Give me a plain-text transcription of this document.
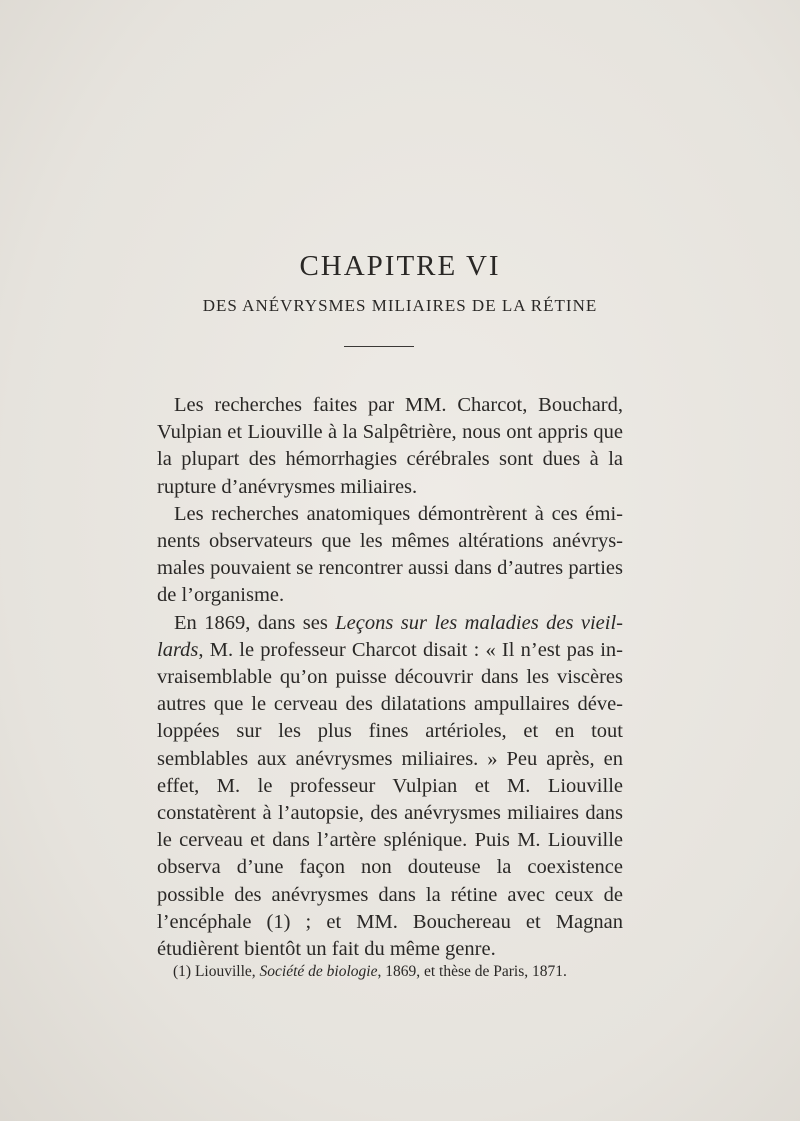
CHAPITRE VI
DES ANÉVRYSMES MILIAIRES DE LA RÉTINE

Les recherches faites par MM. Charcot, Bouchard, Vulpian et Liouville à la Salpêtrière, nous ont appris que la plupart des hémorrhagies cérébrales sont dues à la rupture d’anévrysmes miliaires.

Les recherches anatomiques démontrèrent à ces éminents observateurs que les mêmes altérations anévrysmales pouvaient se rencontrer aussi dans d’autres parties de l’organisme.

En 1869, dans ses Leçons sur les maladies des vieillards, M. le professeur Charcot disait : « Il n’est pas invraisemblable qu’on puisse découvrir dans les viscères autres que le cerveau des dilatations ampullaires développées sur les plus fines artérioles, et en tout semblables aux anévrysmes miliaires. » Peu après, en effet, M. le professeur Vulpian et M. Liouville constatèrent à l’autopsie, des anévrysmes miliaires dans le cerveau et dans l’artère splénique. Puis M. Liouville observa d’une façon non douteuse la coexistence possible des anévrysmes dans la rétine avec ceux de l’encéphale (1) ; et MM. Bouchereau et Magnan étudièrent bientôt un fait du même genre.

(1) Liouville, Société de biologie, 1869, et thèse de Paris, 1871.
